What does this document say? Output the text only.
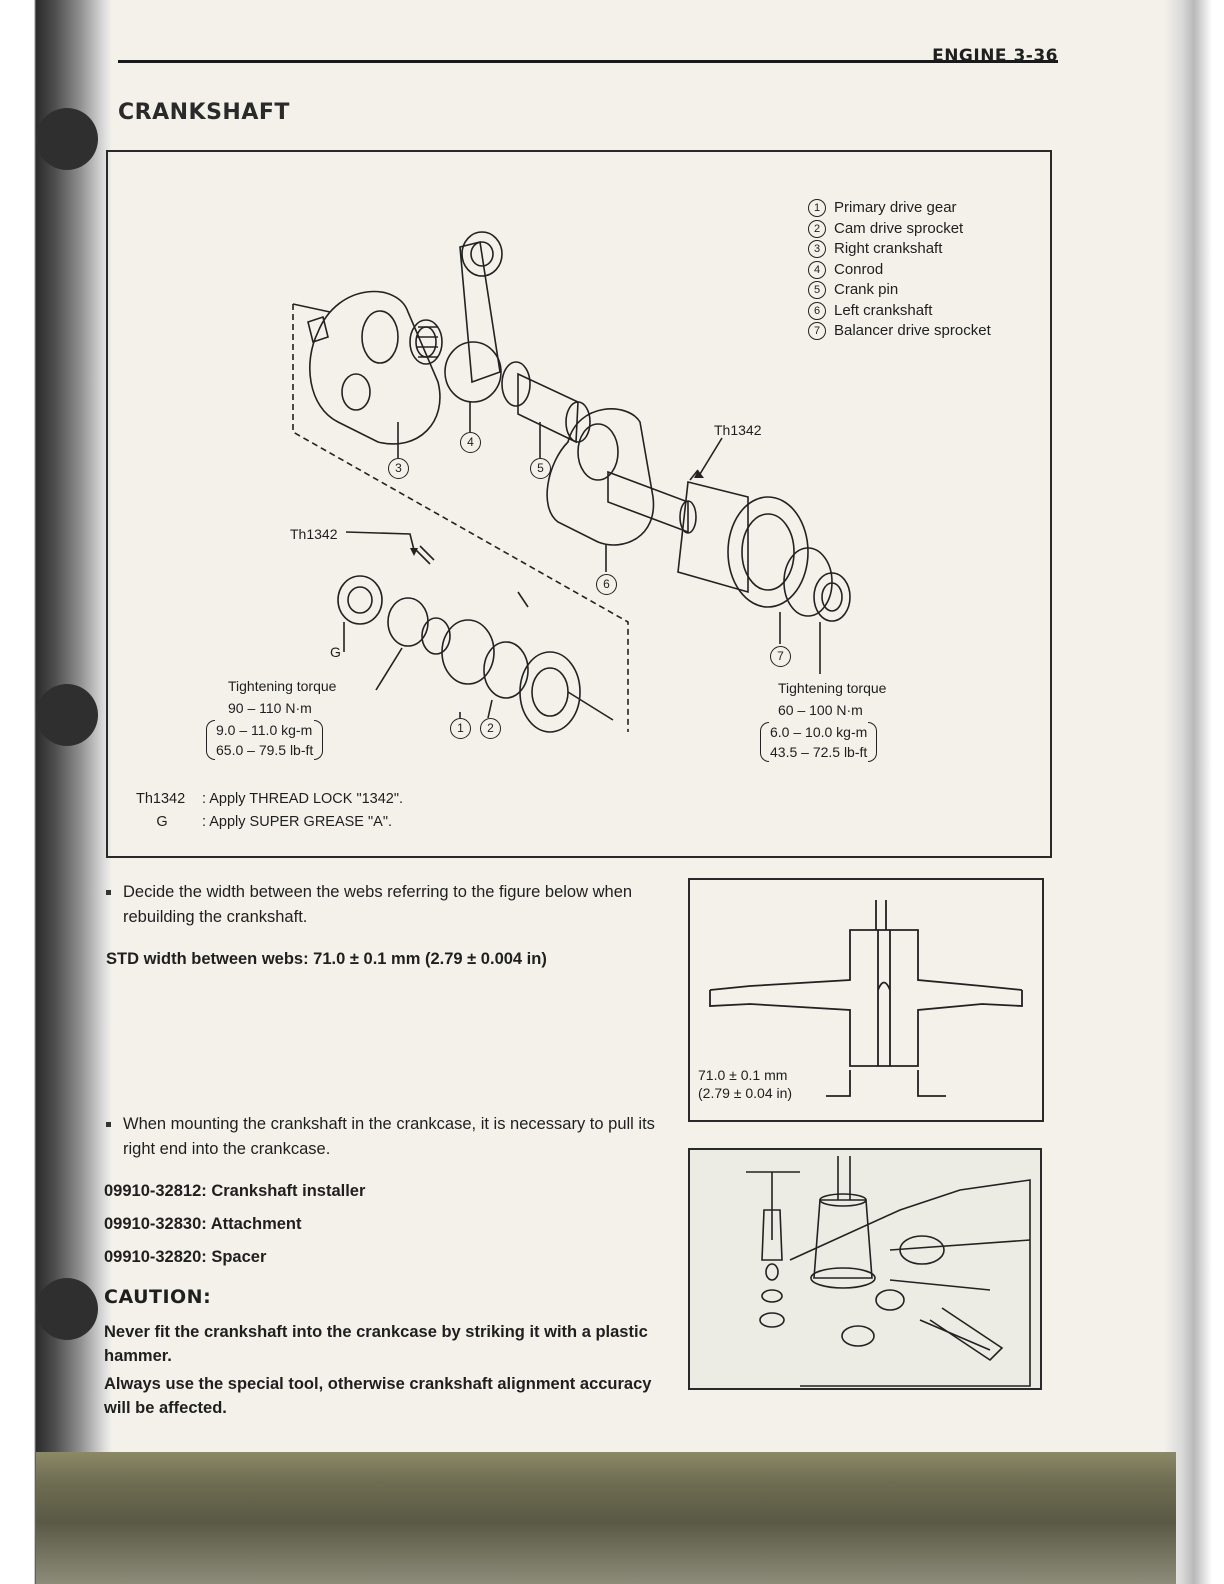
ENGINE 3-36
CRANKSHAFT
1 Primary drive gear
2 Cam drive sprocket
3 Right crankshaft
4 Conrod
5 Crank pin
6 Left crankshaft
7 Balancer drive sprocket
Th1342
Th1342
G
3
4
5
6
7
1	2
Tightening torque
90 – 110 N·m
9.0 – 11.0 kg-m
65.0 – 79.5 lb-ft
Tightening torque
60 – 100 N·m
6.0 – 10.0 kg-m
43.5 – 72.5 lb-ft
Th1342	: Apply THREAD LOCK "1342".
G	: Apply SUPER GREASE "A".
Decide the width between the webs referring to the figure below when rebuilding the crankshaft.
STD width between webs: 71.0 ± 0.1 mm (2.79 ± 0.004 in)
When mounting the crankshaft in the crankcase, it is necessary to pull its right end into the crankcase.
09910-32812: Crankshaft installer
09910-32830: Attachment
09910-32820: Spacer
CAUTION:
Never fit the crankshaft into the crankcase by striking it with a plastic hammer.
Always use the special tool, otherwise crankshaft alignment accuracy will be affected.
71.0 ± 0.1 mm
(2.79 ± 0.04 in)
